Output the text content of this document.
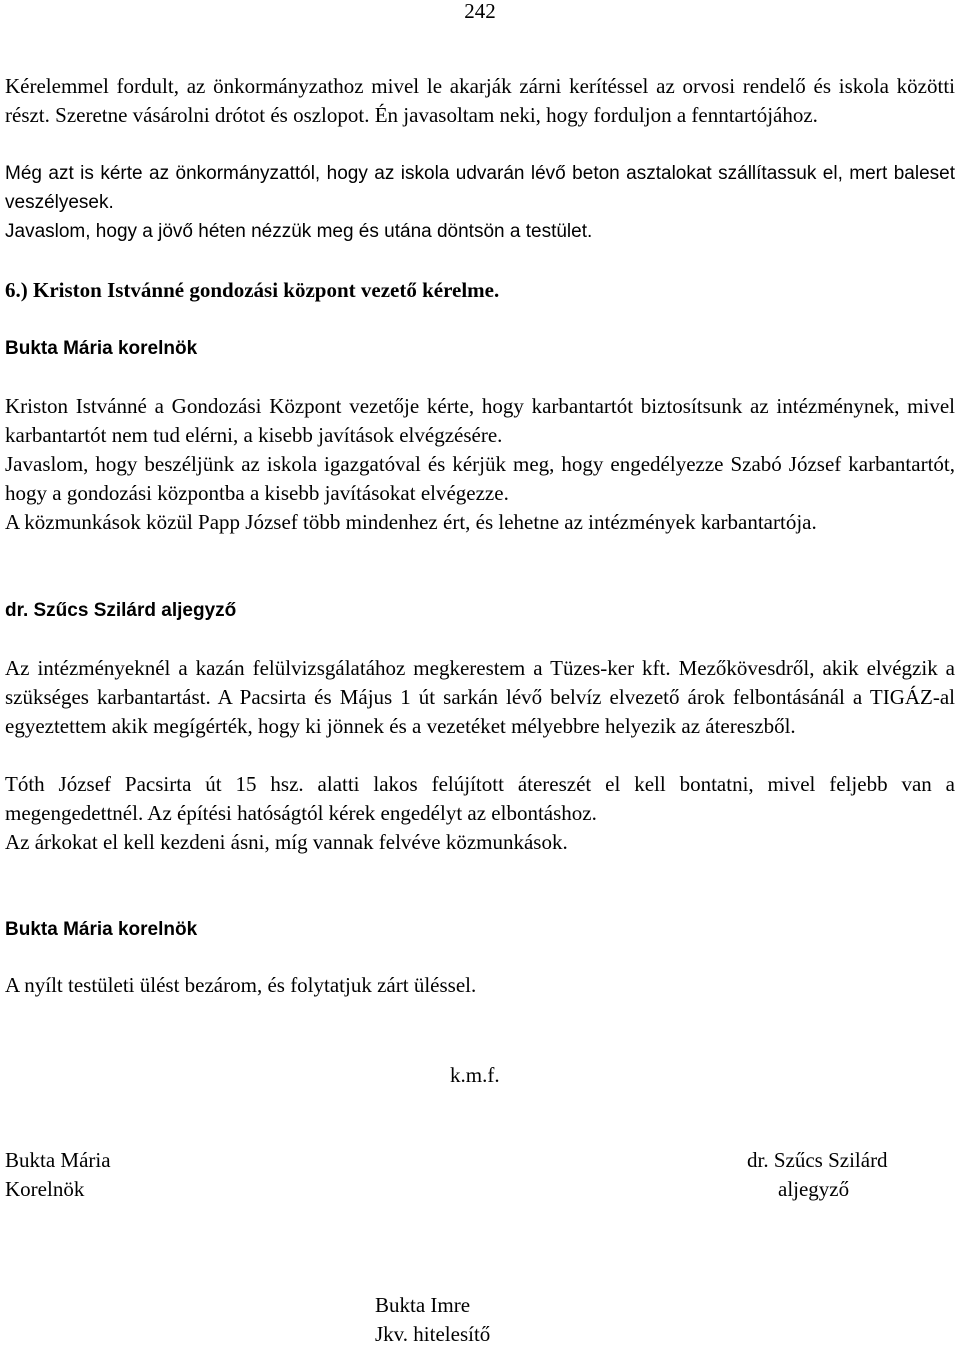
242

Kérelemmel fordult, az önkormányzathoz mivel le akarják zárni kerítéssel az orvosi rendelő és iskola közötti részt. Szeretne vásárolni drótot és oszlopot. Én javasoltam neki, hogy forduljon a fenntartójához.

Még azt is kérte az önkormányzattól, hogy az iskola udvarán lévő beton asztalokat szállítassuk el, mert baleset veszélyesek.

Javaslom, hogy a jövő héten nézzük meg és utána döntsön a testület.

6.) Kriston Istvánné gondozási központ vezető kérelme.

Bukta Mária korelnök

Kriston Istvánné a Gondozási Központ vezetője kérte, hogy karbantartót biztosítsunk az intézménynek, mivel karbantartót nem tud elérni, a kisebb javítások elvégzésére.

Javaslom, hogy beszéljünk az iskola igazgatóval és kérjük meg, hogy engedélyezze Szabó József karbantartót, hogy a gondozási központba a kisebb javításokat elvégezze.

A közmunkások közül Papp József több mindenhez ért, és lehetne az intézmények karbantartója.

dr. Szűcs Szilárd aljegyző

Az intézményeknél a kazán felülvizsgálatához megkerestem a Tüzes-ker kft. Mezőkövesdről, akik elvégzik a szükséges karbantartást. A Pacsirta és Május 1 út sarkán lévő belvíz elvezető árok felbontásánál a TIGÁZ-al egyeztettem akik megígérték, hogy ki jönnek és a vezetéket mélyebbre helyezik az átereszből.

Tóth József Pacsirta út 15 hsz. alatti lakos felújított átereszét el kell bontatni, mivel feljebb van a megengedettnél. Az építési hatóságtól kérek engedélyt az elbontáshoz.

Az árkokat el kell kezdeni ásni, míg vannak felvéve közmunkások.

Bukta Mária korelnök

A nyílt testületi ülést bezárom, és folytatjuk zárt üléssel.

k.m.f.
Bukta Mária
Korelnök
dr. Szűcs Szilárd
aljegyző
Bukta Imre
Jkv. hitelesítő
